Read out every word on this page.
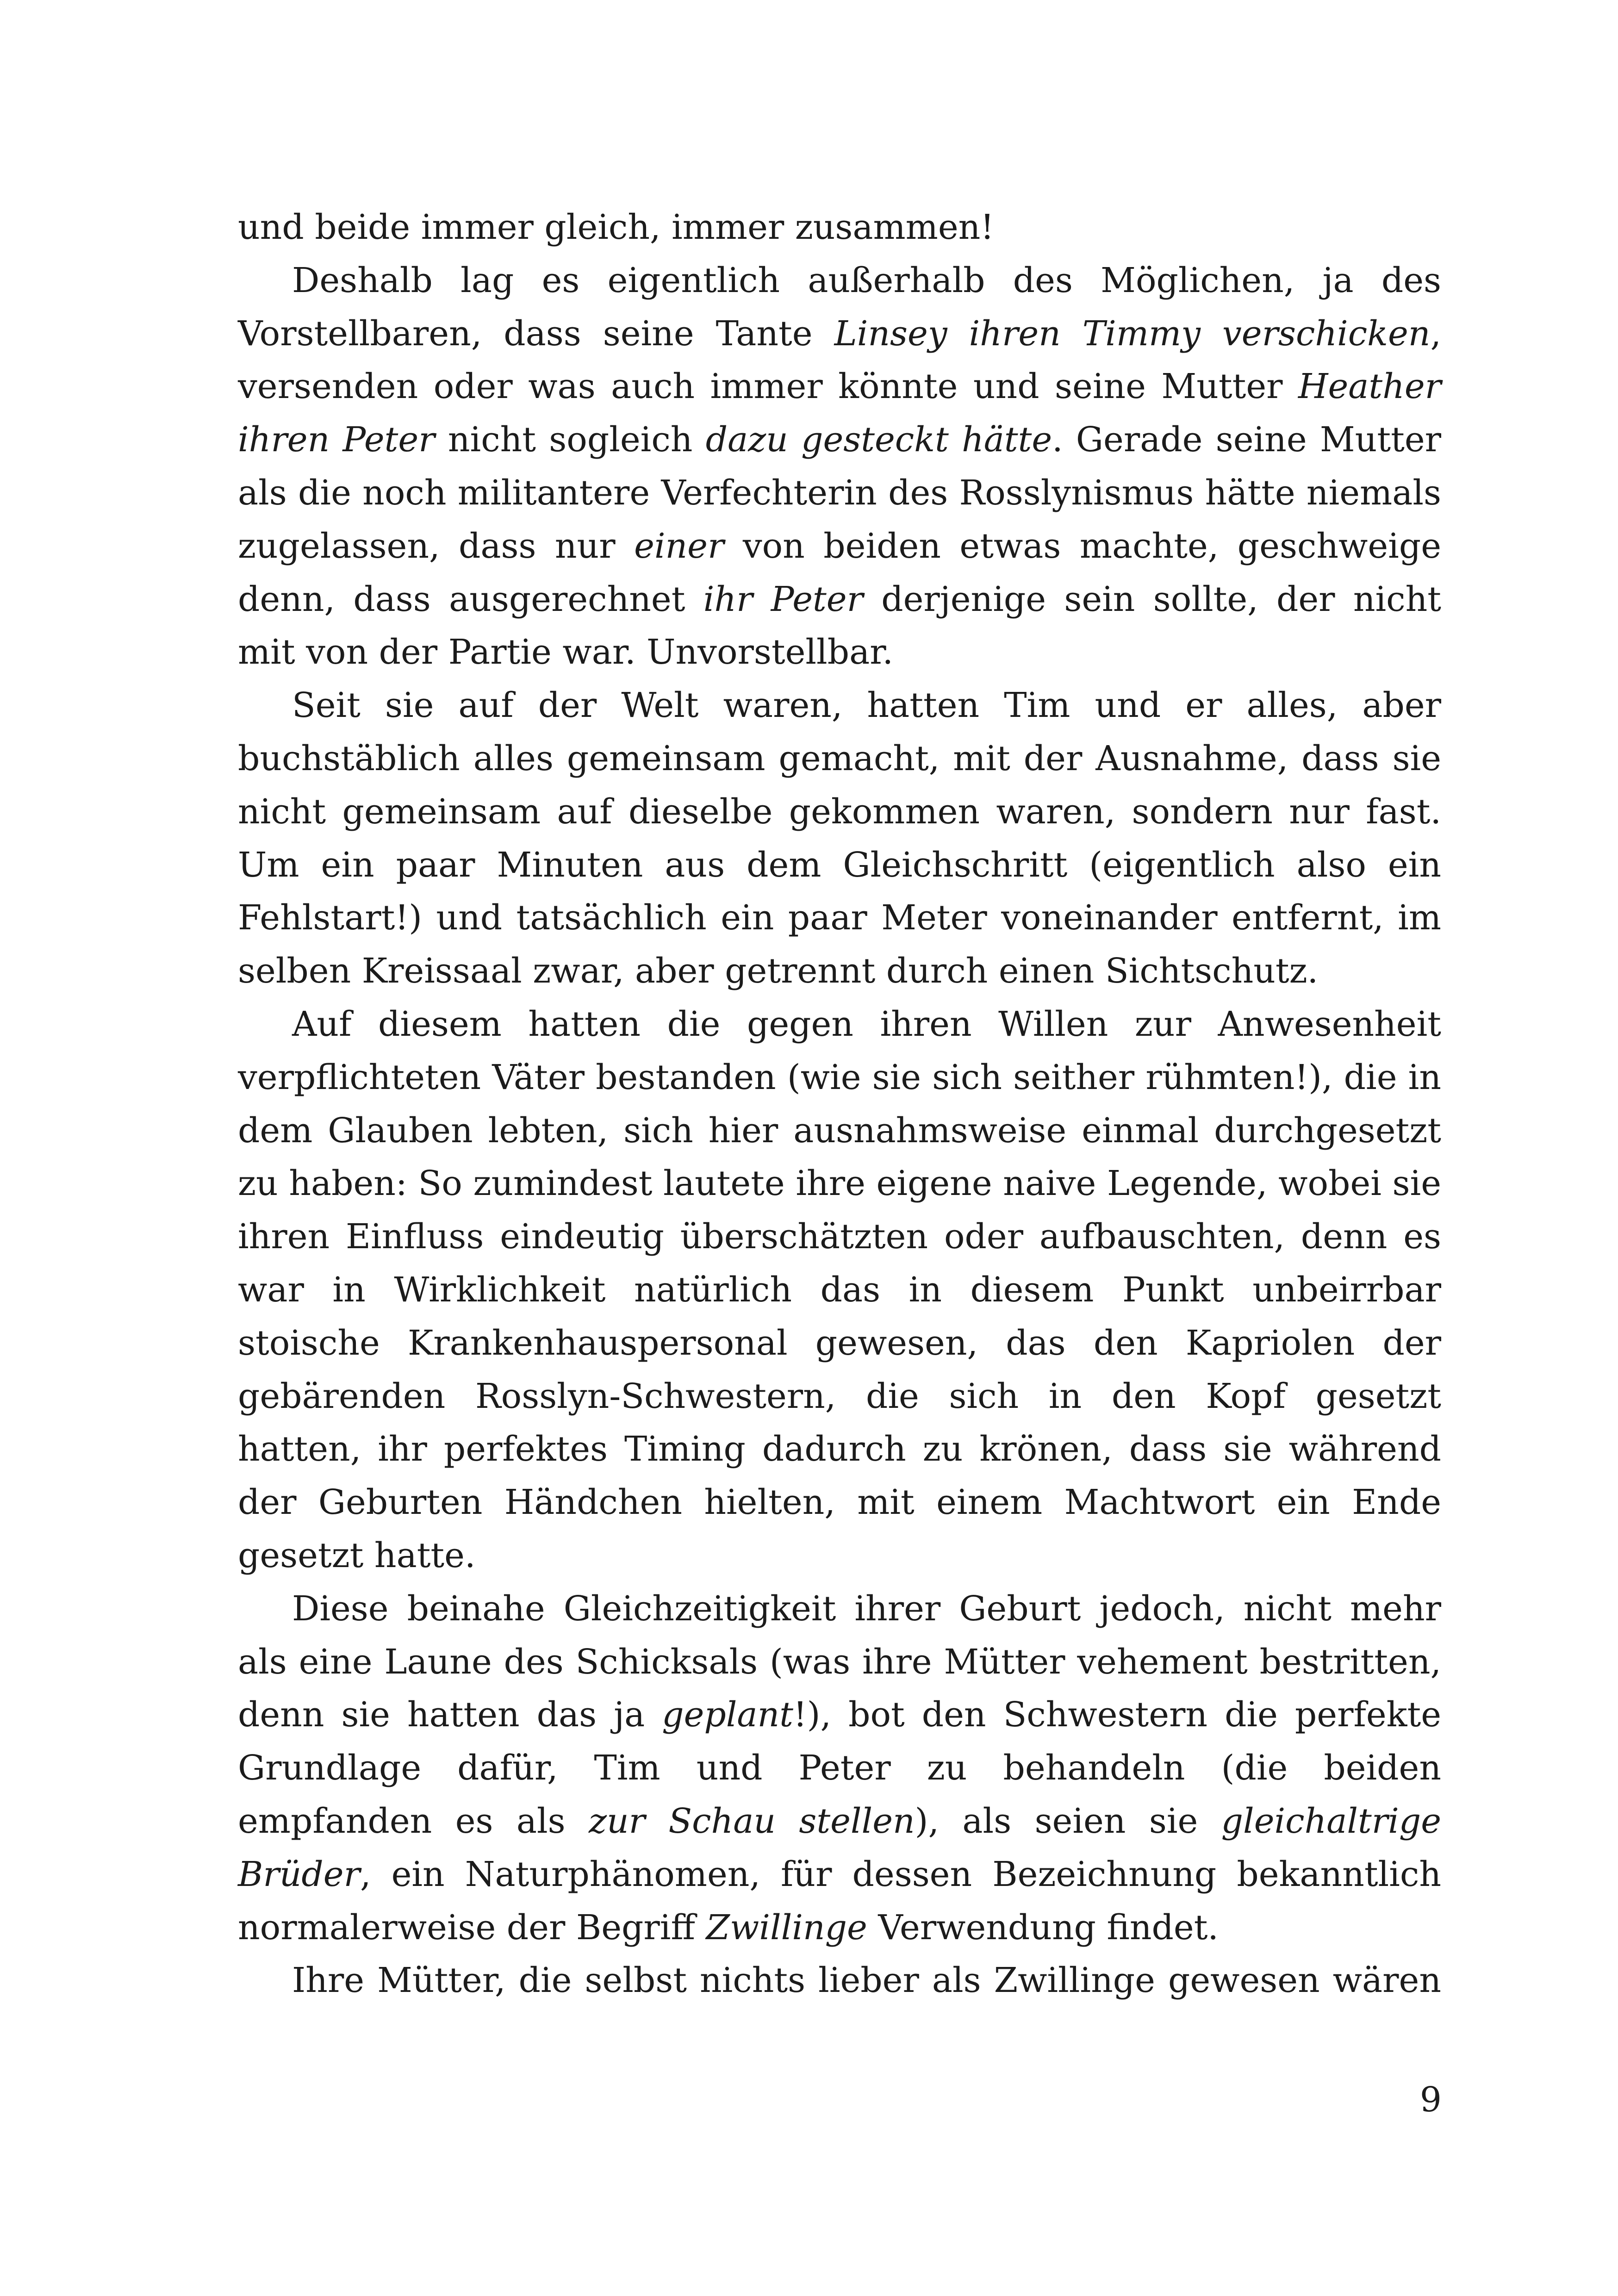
und beide immer gleich, immer zusammen!

Deshalb lag es eigentlich außerhalb des Möglichen, ja des Vorstellbaren, dass seine Tante Linsey ihren Timmy verschicken, versenden oder was auch immer könnte und seine Mutter Heather ihren Peter nicht sogleich dazu gesteckt hätte. Gerade seine Mutter als die noch militantere Verfechterin des Rosslynismus hätte niemals zugelassen, dass nur einer von beiden etwas machte, geschweige denn, dass ausgerechnet ihr Peter derjenige sein sollte, der nicht mit von der Partie war. Unvorstellbar.

Seit sie auf der Welt waren, hatten Tim und er alles, aber buchstäblich alles gemeinsam gemacht, mit der Ausnahme, dass sie nicht gemeinsam auf dieselbe gekommen waren, sondern nur fast. Um ein paar Minuten aus dem Gleichschritt (eigentlich also ein Fehlstart!) und tatsächlich ein paar Meter voneinander entfernt, im selben Kreissaal zwar, aber getrennt durch einen Sichtschutz.

Auf diesem hatten die gegen ihren Willen zur Anwesenheit verpflichteten Väter bestanden (wie sie sich seither rühmten!), die in dem Glauben lebten, sich hier ausnahmsweise einmal durchgesetzt zu haben: So zumindest lautete ihre eigene naive Legende, wobei sie ihren Einfluss eindeutig überschätzten oder aufbauschten, denn es war in Wirklichkeit natürlich das in diesem Punkt unbeirrbar stoische Krankenhauspersonal gewesen, das den Kapriolen der gebärenden Rosslyn-Schwestern, die sich in den Kopf gesetzt hatten, ihr perfektes Timing dadurch zu krönen, dass sie während der Geburten Händchen hielten, mit einem Machtwort ein Ende gesetzt hatte.

Diese beinahe Gleichzeitigkeit ihrer Geburt jedoch, nicht mehr als eine Laune des Schicksals (was ihre Mütter vehement bestritten, denn sie hatten das ja geplant!), bot den Schwestern die perfekte Grundlage dafür, Tim und Peter zu behandeln (die beiden empfanden es als zur Schau stellen), als seien sie gleichaltrige Brüder, ein Naturphänomen, für dessen Bezeichnung bekanntlich normalerweise der Begriff Zwillinge Verwendung findet.

Ihre Mütter, die selbst nichts lieber als Zwillinge gewesen wären

9
